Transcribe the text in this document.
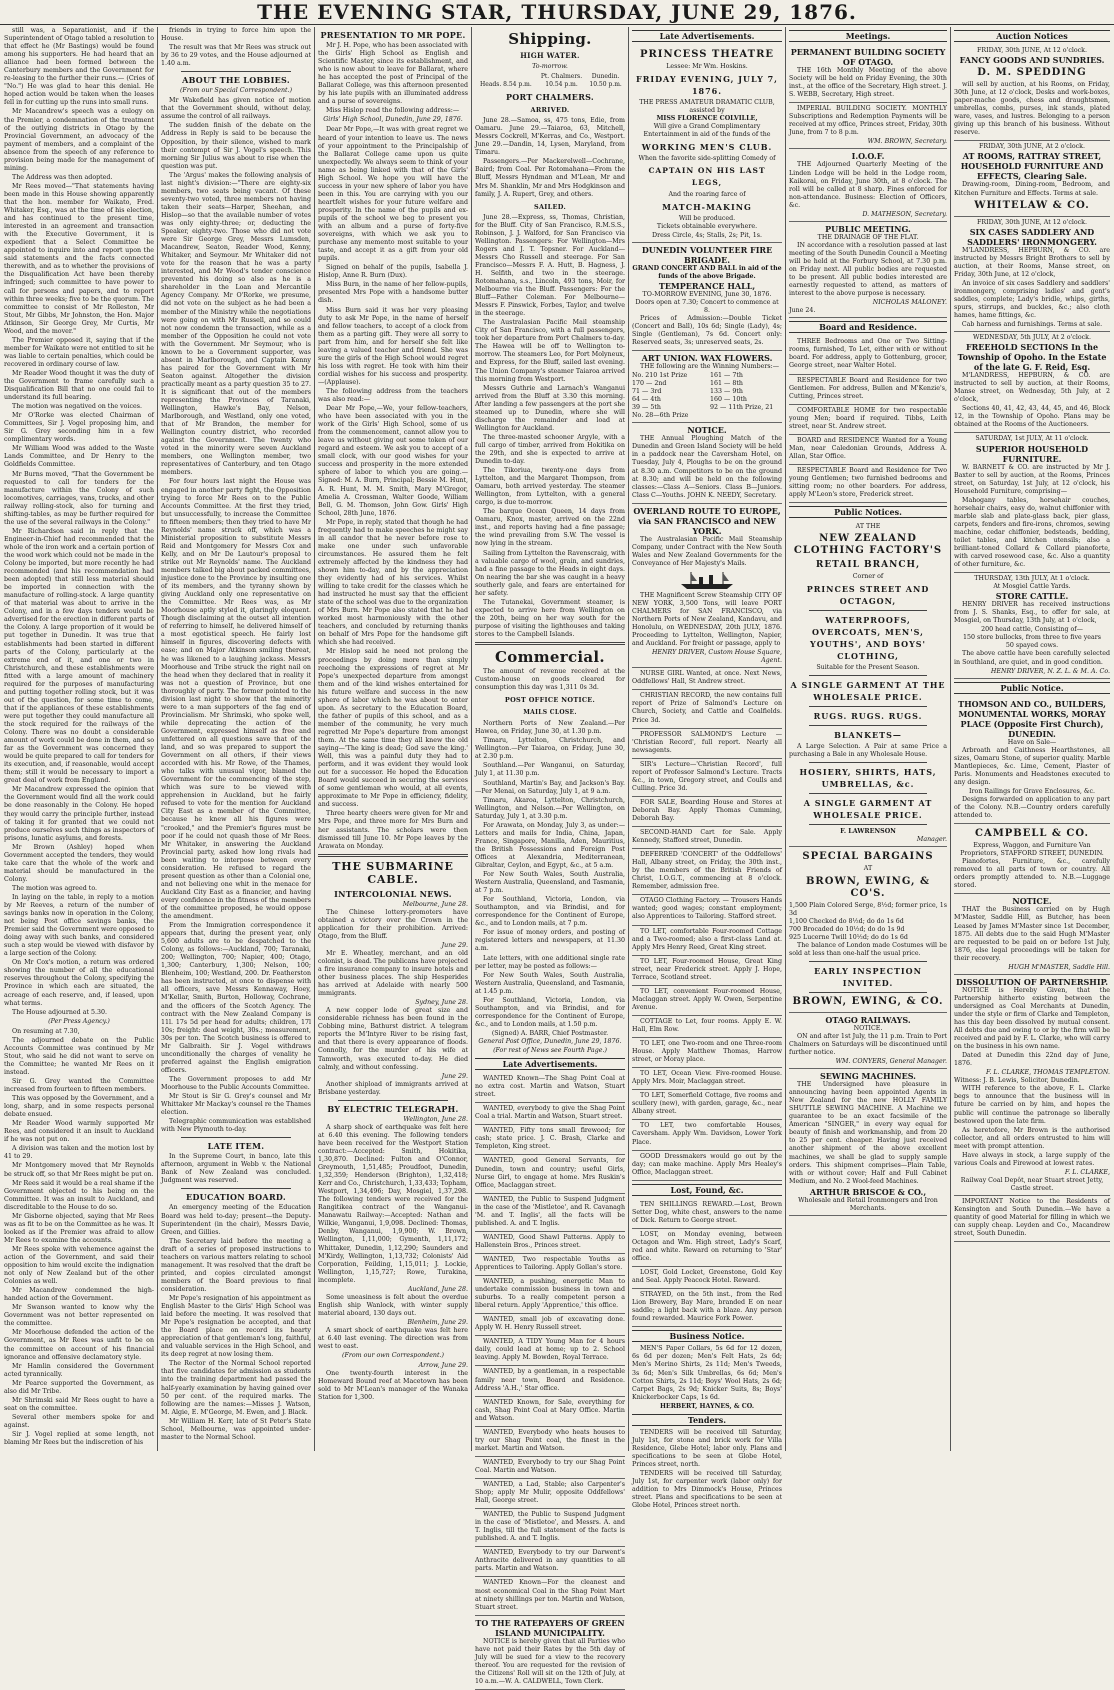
THE EVENING STAR, THURSDAY, JUNE 29, 1876.

still was, a Separationist, and if the Superintendent of Otago tabled a resolution to that effect he (Mr Bastings) would be found among his supporters. He had heard that an alliance had been formed between the Canterbury members and the Government for re-leasing to the further their runs.— (Cries of "No.") He was glad to hear this denial. He hoped action would be taken when the leases fell in for cutting up the runs into small runs.

Mr Macandrew's speech was a eulogy on the Premier, a condemnation of the treatment of the outlying districts in Otago by the Provincial Government, an advocacy of the payment of members, and a complaint of the absence from the speech of any reference to provision being made for the management of mining.

The Address was then adopted.

Mr Rees moved—"That statements having been made in this House showing apparently that the hon. member for Waikato, Fred. Whitaker, Esq., was at the time of his election, and has continued to the present time, interested in an agreement and transaction with the Executive Government, it is expedient that a Select Committee be appointed to inquire into and report upon the said statements and the facts connected therewith, and as to whether the provisions of the Disqualification Act have been thereby infringed; such committee to have power to call for persons and papers, and to report within three weeks; five to be the quorum. The committee to consist of Mr Rolleston, Mr Stout, Mr Gibbs, Mr Johnston, the Hon. Major Atkinson, Sir George Grey, Mr Curtis, Mr Wood, and the mover."

The Premier opposed it, saying that if the member for Waikato were not entitled to sit he was liable to certain penalties, which could be recovered in ordinary course of law.

Mr Reader Wood thought it was the duty of the Government to frame carefully such a Disqualification Bill that no one could fail to understand its full bearing.

The motion was negatived on the voices.

Mr O'Rorke was elected Chairman of Committees, Sir J. Vogel proposing him, and Sir G. Grey seconding him in a few complimentary words.

Mr William Wood was added to the Waste Lands Committee, and Dr Henry to the Goldfields Committee.

Mr Burns moved, "That the Government be requested to call for tenders for the manufacture within the Colony of such locomotives, carriages, vans, trucks, and other railway rolling-stock, also for turning and shifting-tables, as may be further required for the use of the several railways in the Colony."

Mr Richardson said in reply that the Engineer-in-Chief had recommended that the whole of the iron work and a certain portion of the wood work which could not be made in the Colony be imported, but more recently he had recommended (and his recommendation had been adopted) that still less material should be imported in connection with the manufacture of rolling-stock. A large quantity of that material was about to arrive in the Colony, and in a few days tenders would be advertised for the erection in different parts of the Colony. A large proportion of it would be put together in Dunedin. It was true that establishments had been started in different parts of the Colony, particularly at the extreme end of it, and one or two in Christchurch, and these establishments were fitted with a large amount of machinery required for the purposes of manufacturing and putting together rolling stock, but it was out of the question, for some time to come, that if the appliances of these establishments were put together they could manufacture all the stock required for the railways of the Colony. There was no doubt a considerable amount of work could be done in them, and so far as the Government was concerned they would be quite prepared to call for tenders for its execution, and, if reasonable, would accept them; still it would be necessary to import a great deal of work from England.

Mr Macandrew expressed the opinion that the Government would find all the work could be done reasonably in the Colony. He hoped they would carry the principle further, instead of taking it for granted that we could not produce ourselves such things as inspectors of prisons, lunatic asylums, and forests.

Mr Brown (Ashley) hoped when Government accepted the tenders, they would take care that the whole of the work and material should be manufactured in the Colony.

The motion was agreed to.

In laying on the table, in reply to a motion by Mr Reeves, a return of the number of savings banks now in operation in the Colony, not being Post office savings banks, the Premier said the Government were opposed to doing away with such banks, and considered such a step would be viewed with disfavor by a large section of the Colony.

On Mr Cox's motion, a return was ordered showing the number of all the educational reserves throughout the Colony, specifying the Province in which each are situated, the acreage of each reserve, and, if leased, upon what terms.

The House adjourned at 5.30.

(Per Press Agency.)

On resuming at 7.30,

The adjourned debate on the Public Accounts Committee was continued by Mr Stout, who said he did not want to serve on the Committee; he wanted Mr Rees on it instead.

Sir G. Grey wanted the Committee increased from fourteen to fifteen members.

This was opposed by the Government, and a long, sharp, and in some respects personal debate ensued.

Mr Reader Wood warmly supported Mr Rees, and considered it an insult to Auckland if he was not put on.

A division was taken and the motion lost by 41 to 29.

Mr Montgomery moved that Mr Reynolds be struck off, so that Mr Rees might be put on.

Mr Rees said it would be a real shame if the Government objected to his being on the Committee. It was an insult to Auckland, and discreditable to the House to do so.

Mr Gisborne objected, saying that Mr Rees was as fit to be on the Committee as he was. It looked as if the Premier was afraid to allow Mr Rees to examine the accounts.

Mr Rees spoke with vehemence against the action of the Government, and said their opposition to him would excite the indignation not only of New Zealand but of the other Colonies as well.

Mr Macandrew condemned the high-handed action of the Government.

Mr Swanson wanted to know why the Government was not better represented on the committee.

Mr Moorhouse defended the action of the Government, as Mr Rees was unfit to be on the committee on account of his financial ignorance and offensive declamatory style.

Mr Hamlin considered the Government acted tyrannically.

Mr Pearce supported the Government, as also did Mr Tribe.

Mr Shrimski said Mr Rees ought to have a seat on the committee.

Several other members spoke for and against.

Sir J. Vogel replied at some length, not blaming Mr Rees but the indiscretion of his

friends in trying to force him upon the House.

The result was that Mr Rees was struck out by 36 to 29 votes, and the House adjourned at 1.40 a.m.

ABOUT THE LOBBIES.
(From our Special Correspondent.)

Mr Wakefield has given notice of motion that the Government should, without delay, assume the control of all railways.

The sudden finish of the debate on the Address in Reply is said to be because the Opposition, by their silence, wished to mark their contempt of Sir J. Vogel's speech. This morning Sir Julius was about to rise when the question was put.

The 'Argus' makes the following analysis of last night's division:—"There are eighty-six members, two seats being vacant. Of these seventy-two voted, three members not having taken their seats—Harper, Sheehan, and Hislop—so that the available number of votes was only eighty-three; or, deducting the Speaker, eighty-two. Those who did not vote were Sir George Grey, Messrs Lumsden, Macandrew, Seaton, Reader Wood, Kenny, Whitaker, and Seymour. Mr Whitaker did not vote for the reason that he was a party interested, and Mr Wood's tender conscience prevented his doing so also as he is a shareholder in the Loan and Mercantile Agency Company. Mr O'Rorke, we presume, did not vote on the subject as he had been a member of the Ministry while the negotiations were going on with Mr Russell, and so could not now condemn the transaction, while as a member of the Opposition he could not vote with the Government. Mr Seymour, who is known to be a Government supporter, was absent in Marlborough, and Captain Kenny has paired for the Government with Mr Seaton against. Altogether the division practically meant as a party question 35 to 27. It is significant that out of the members representing the Provinces of Taranaki, Wellington, Hawke's Bay, Nelson, Marlborough, and Westland, only one voted, that of Mr Brandon, the member for Wellington country district, who recorded against the Government. The twenty who voted in the minority were seven Auckland members, one Wellington member, two representatives of Canterbury, and ten Otago members.

For four hours last night the House was engaged in another party fight, the Opposition trying to force Mr Rees on to the Public Accounts Committee. At the first they tried, but unsuccessfully, to increase the Committee to fifteen members; then they tried to have Mr Reynolds' name struck off, which was a Ministerial proposition to substitute Messrs Reid and Montgomery for Messrs Cox and Kelly, and on Mr De Lautour's proposal to strike out Mr Reynolds' name. The Auckland members talked big about packed committees, injustice done to the Province by insulting one of its members, and the tyranny shown by giving Auckland only one representative on the Committee. Mr Rees was, as Mr Moorhouse aptly styled it, glaringly eloquent. Though disclaiming at the outset all intention of referring to himself, he delivered himself of a most egotistical speech. He fairly lost himself in figures, discovering defects with ease; and on Major Atkinson smiling thereat, he was likened to a laughing jackass. Messrs Moorhouse and Tribe struck the right nail on the head when they declared that in reality it was not a question of Province, but one thoroughly of party. The former pointed to the division last night to show that the minority were to a man supporters of the fag end of Provincialism. Mr Shrimski, who spoke well, while deprecating the action of the Government, expressed himself as free and unfettered on all questions save that of the land, and so was prepared to support the Government on all others, if their views accorded with his. Mr Rowe, of the Thames, who talks with unusual vigor, blamed the Government for the commencing of the step, which was sure to be viewed with apprehension in Auckland, but he fairly refused to vote for the mention for Auckland City East as a member of the Committee, because he knew all his figures were "crooked," and the Premier's figures must be poor if he could not quash those of Mr Rees. Mr Whitaker, in answering the Auckland Provincial party, asked how long rivals had been waiting to interpose between every consideration. He refused to regard the present question as other than a Colonial one, and not believing one whit in the menace for Auckland City East as a financier, and having every confidence in the fitness of the members of the committee proposed, he would oppose the amendment.

From the Immigration correspondence it appears that, during the present year, only 5,600 adults are to be despatched to the Colony, as follows:—Auckland, 700; Taranaki, 200; Wellington, 700; Napier, 400; Otago, 1,300; Canterbury, 1,300; Nelson, 100; Blenheim, 100; Westland, 200. Dr. Featherston has been instructed, at once to dispense with all officers, save Messrs Kennaway, Hoey, M'Kellar, Smith, Burton, Holloway, Cochrane, and the officers of the Scotch Agency. The contract with the New Zealand Company is 11l. 17s 5d per head for adults; children, 17l 10s; freight: dead weight, 30s.; measurement, 30s per ton. The Scotch business is offered to Mr Galbraith. Sir J. Vogel withdraws unconditionally the charges of venality he preferred against the English emigration officers.

The Government proposes to add Mr Moorhouse to the Public Accounts Committee.

Mr Stout is Sir G. Grey's counsel and Mr Whittaker Mr Mackay's counsel re the Thames election.

Telegraphic communication was established with New Plymouth to-day.

LATE ITEM.

In the Supreme Court, in banco, late this afternoon, argument in Webb v. the National Bank of New Zealand was concluded. Judgment was reserved.

EDUCATION BOARD.

An emergency meeting of the Education Board was held to-day; present—the Deputy-Superintendent (in the chair), Messrs Davie, Green, and Gillies.

The Secretary laid before the meeting a draft of a series of proposed instructions to teachers on various matters relating to school management. It was resolved that the draft be printed, and copies circulated amongst members of the Board previous to final consideration.

Mr Pope's resignation of his appointment as English Master to the Girls' High School was laid before the meeting. It was resolved that Mr Pope's resignation be accepted, and that the Board place on record its hearty appreciation of that gentleman's long, faithful, and valuable services in the High School, and its deep regret at now losing them.

The Rector of the Normal School reported that five candidates for admission as students into the training department had passed the half-yearly examination by having gained over 50 per cent. of the required marks. The following are the names:—Misses J. Watson, M. Algie, E. M'George, M. Ewen, and J. Black.

Mr William H. Kerr, late of St Peter's State School, Melbourne, was appointed under-master to the Normal School.

PRESENTATION TO MR POPE.

Mr J. H. Pope, who has been associated with the Girls' High School as English and Scientific Master, since its establishment, and who is now about to leave for Ballarat, where he has accepted the post of Principal of the Ballarat College, was this afternoon presented by his late pupils with an illuminated address and a purse of sovereigns.

Miss Hislop read the following address:—

Girls' High School, Dunedin, June 29, 1876.

Dear Mr Pope,—It was with great regret we heard of your intention to leave us. The news of your appointment to the Principalship of the Ballarat College came upon us quite unexpectedly. We always seem to think of your name as being linked with that of the Girls' High School. We hope you will have the success in your new sphere of labor you have been in this. You are carrying with you our heartfelt wishes for your future welfare and prosperity. In the name of the pupils and ex-pupils of the school we beg to present you with an album and a purse of forty-five sovereigns, with which we ask you to purchase any memento most suitable to your taste, and accept it as a gift from your old pupils.

Signed on behalf of the pupils, Isabella J. Hislop, Anne R. Burn (Dux).

Miss Burn, in the name of her fellow-pupils, presented Mrs Pope with a handsome butter dish.

Miss Burn said it was her very pleasing duty to ask Mr Pope, in the name of herself and fellow teachers, to accept of a clock from them as a parting gift. They were all sorry to part from him, and for herself she felt like leaving a valued teacher and friend. She was sure the girls of the High School would regret his loss with regret. He took with him their cordial wishes for his success and prosperity.—(Applause).

The following address from the teachers was also read:—

Dear Mr Pope,—We, your fellow-teachers, who have been associated with you in the work of the Girls' High School, some of us from the commencement, cannot allow you to leave us without giving out some token of our regard and esteem. We ask you to accept of a small clock, with our good wishes for your success and prosperity in the more extended sphere of labor to which you are going.—Signed: M. A. Burn, Principal; Bessie M. Hunt, A. R. Hunt, M. M. Smith, Mary M'Gregor, Amelia A. Crossman, Walter Goode, William Bell, G. M. Thomson, John Gow. Girls' High School, 28th June, 1876.

Mr Pope, in reply, stated that though he had frequently had to make speeches he might say in all candor that he never before rose to make one under such unfavorable circumstances. He assured them he felt extremely affected by the kindness they had shown him to-day, and by the appreciation they evidently had of his services. Whilst willing to take credit for the classes which he had instructed he must say that the efficient state of the school was due to the organization of Mrs Burn. Mr Pope also stated that he had worked most harmoniously with the other teachers, and concluded by returning thanks on behalf of Mrs Pope for the handsome gift which she had received.

Mr Hislop said he need not prolong the proceedings by doing more than simply reechoing the expressions of regret at Mr Pope's unexpected departure from amongst them and of the kind wishes entertained for his future welfare and success in the new sphere of labor which he was about to enter upon. As secretary to the Education Board, the father of pupils of this school, and as a member of the community, he very much regretted Mr Pope's departure from amongst them. At the same time they all knew the old saying—'The king is dead; God save the king.' Well, this was a painful duty they had to perform, and it was evident they would look out for a successor. He hoped the Education Board would succeed in securing the services of some gentleman who would, at all events, approximate to Mr Pope in efficiency, fidelity, and success.

Three hearty cheers were given for Mr and Mrs Pope, and three more for Mrs Burn and her assistants. The scholars were then dismissed till June 10. Mr Pope leaves by the Arawata on Monday.

THE SUBMARINE CABLE.
INTERCOLONIAL NEWS.
Melbourne, June 28.

The Chinese lottery-promoters have obtained a victory over the Crown in the application for their prohibition. Arrived: Otago, from the Bluff.

June 29.

Mr E. Wheatley, merchant, and an old colonist, is dead. The publicans have projected a fire insurance company to insure hotels and other business places. The ship Hesperides has arrived at Adelaide with nearly 500 immigrants.

Sydney, June 28.

A new copper lode of great size and considerable richness has been found in the Cobbing mine, Bathurst district. A telegram reports the M'Intyre River to be rising fast, and that there is every appearance of floods. Connolly, for the murder of his wife at Tamworth, was executed to-day. He died calmly, and without confessing.

June 29.

Another shipload of immigrants arrived at Brisbane yesterday.

BY ELECTRIC TELEGRAPH.
Wellington, June 28.

A sharp shock of earthquake was felt here at 6.40 this evening. The following tenders have been received for the Westport Station contract:—Accepted: Smith, Hokitika, 1,30,870. Declined: Fulton and O'Connor, Greymouth, 1,51,485; Proudfoot, Dunedin, 1,32,359; Henderson (Brighton), 1,32,418; Kerr and Co., Christchurch, 1,33,433; Topham, Westport, 1,34,496; Day, Mosgiel, 1,37,298. The following tenders were received for the Rangitikea contract of the Wanganui-Manawatu Railway:—Accepted: Nathan and Wilkie, Wanganui, 1,9,098. Declined: Thomas, Denby, Wanganui, 1,9,900; W. Brown, Wellington, 1,11,000; Gymenth, 1,11,172; Whittaker, Dunedin, 1,12,290; Saunders and M'Kirdy, Wellington, 1,13,732; Colonists' Aid Corporation, Feilding, 1,15,011; J. Lockie, Wellington, 1,15,727; Rowe, Turakina, incomplete.

Auckland, June 28.

Some uneasiness is felt about the overdue English ship Wanlock, with winter supply material aboard, 130 days out.

Blenheim, June 29.

A smart shock of earthquake was felt here at 6.40 last evening. The direction was from west to east.

(From our own Correspondent.)
Arrow, June 29.

One twenty-fourth interest in the Homeward Bound reef at Macetown has been sold to Mr M'Lean's manager of the Wanaka Station for 1,300.

Shipping.
HIGH WATER.
To-morrow.
	Pt. Chalmers.	Dunedin.
Heads. 8.54 p.m.	10.54 p.m.	10.50 p.m.
PORT CHALMERS.
ARRIVED.

June 28.—Samoa, ss, 475 tons, Edie, from Oamaru. June 29.—Taiaroa, 63, Mitchell, Messrs Cockrell, M'Kerras, and Co., Westport. June 29.—Dandin, 14, Lysen, Maryland, from Timaru.

Passengers.—Per Mackerelwell—Cochrane, Baird; from Coal. Per Rotomahana—From the Bluff, Messrs Hyndman and M'Lean, Mr and Mrs M. Shanklin, Mr and Mrs Hodgkinson and family, J. A. Rupert, Grey, and others.

SAILED.

June 28.—Express, ss, Thomas, Christian, for the Bluff. City of San Francisco, R.M.S.S., Robinson, J. J. Walford, for San Francisco via Wellington. Passengers: For Wellington—Mrs Rogers and J. T. Topsner. For Auckland—Messrs Cho Russell and steerage. For San Francisco—Messrs F. A. Hutt, B. Hagness, J. H. Selfith, and two in the steerage. Rotomahana, s.s., Lincoln, 493 tons, Moir, for Melbourne via the Bluff. Passengers: For the Bluff—Father Coleman. For Melbourne—Messrs F. Pinswick, Forbes, Taylor, and twelve in the steerage.

The Australasian Pacific Mail steamship City of San Francisco, with a full passengers, took her departure from Port Chalmers to-day. The Hawea will be off to Wellington to-morrow. The steamers Leo, for Port Molyneux, and Express, for the Bluff, sailed last evening. The Union Company's steamer Taiaroa arrived this morning from Westport.

Messrs Guthrie and Larnach's Wanganui arrived from the Bluff at 3.30 this morning. After landing a few passengers at the port she steamed up to Dunedin, where she will discharge the remainder and load at Wellington for Auckland.

The three-masted schooner Argyle, with a full cargo of timber, arrived from Hokitika on the 29th, and she is expected to arrive at Dunedin to-day.

The Tikoriua, twenty-one days from Lyttelton, and the Margaret Thompson, from Oamaru, both arrived yesterday. The steamer Wellington, from Lyttelton, with a general cargo, is due to-morrow.

The barque Ocean Queen, 14 days from Oamaru, Knox, master, arrived on the 22nd inst., and reports having had a fine passage; the wind prevailing from S.W. The vessel is now lying in the stream.

Sailing from Lyttelton the Ravenscraig, with a valuable cargo of wool, grain, and sundries, had a fine passage to the Heads in eight days. On nearing the bar she was caught in a heavy southerly gale, and fears are entertained for her safety.

The Tutanekai, Government steamer, is expected to arrive here from Wellington on the 20th, being on her way south for the purpose of visiting the lighthouses and taking stores to the Campbell Islands.

Commercial.

The amount of revenue received at the Custom-house on goods cleared for consumption this day was 1,311 0s 3d.

POST OFFICE NOTICE.
MAILS CLOSE.

Northern Ports of New Zealand.—Per Hawea, on Friday, June 30, at 1.30 p.m.

Timaru, Lyttelton, Christchurch, and Wellington.—Per Taiaroa, on Friday, June 30, at 2.30 p.m.

Southland.—Per Wanganui, on Saturday, July 1, at 11.30 p.m.

Southland, Martin's Bay, and Jackson's Bay.—Per Menai, on Saturday, July 1, at 9 a.m.

Timaru, Akaroa, Lyttelton, Christchurch, Wellington, and Nelson.—Per Wellington, on Saturday, July 1, at 3.30 p.m.

For Arawata, on Monday, July 3, as under:—Letters and mails for India, China, Japan, France, Singapore, Manilla, Aden, Mauritius, the British Possessions and Foreign Post Offices at Alexandria, Mediterranean, Gibraltar, Ceylon, and Egypt, &c., at 5 a.m.

For New South Wales, South Australia, Western Australia, Queensland, and Tasmania, at 7 p.m.

For Southland, Victoria, London, via Southampton, and via Brindisi, and for correspondence for the Continent of Europe, &c., and to London mails, at 7 p.m.

For issue of money orders, and posting of registered letters and newspapers, at 11.30 a.m.

Late letters, with one additional single rate per letter, may be posted as follows:—

For New South Wales, South Australia, Western Australia, Queensland, and Tasmania, at 1.45 p.m.

For Southland, Victoria, London, via Southampton, and via Brindisi, and for correspondence for the Continent of Europe, &c., and to London mails, at 1.50 p.m.

(Signed) A. BARR, Chief Postmaster.
General Post Office, Dunedin, June 29, 1876.
(For rest of News see Fourth Page.)
Late Advertisements.

WANTED Known—The Shag Point Coal at no extra cost. Martin and Watson, Stuart street.

WANTED, everybody to give the Shag Point Coal a trial. Martin and Watson, Stuart street.

WANTED, Fifty tons small firewood; for cash; state price. J. C. Brash, Clarke and Templeton, King street.

WANTED, good General Servants, for Dunedin, town and country; useful Girls, Nurse Girl, to engage at home. Mrs Ruskin's Office, Maclaggan street.

WANTED, the Public to Suspend Judgment in the case of the 'Mistletoe', and R. Cavanagh 'M. and T. Inglis', all the facts will be published. A. and T. Inglis.

WANTED, Good Shawl Patterns. Apply to Hallenstein Bros., Princes street.

WANTED, Two respectable Youths as Apprentices to Tailoring. Apply Gollan's store.

WANTED, a pushing, energetic Man to undertake commission business in town and suburbs. To a really competent person a liberal return. Apply 'Apprentice,' this office.

WANTED, small job of excavating done. Apply W. H. Henry Russell street.

WANTED, A TIDY Young Man for 4 hours daily, could lead at home; up to 2. School leaving. Apply M. Bowden, Royal Terrace.

WANTED, by a gentleman, in a respectable family near town, Board and Residence. Address 'A.H.,' Star office.

WANTED Known, for Sale, everything for cash, Shag Point Coal at Mary Office. Martin and Watson.

WANTED, Everybody who heats houses to try our Shag Point coal, the finest in the market. Martin and Watson.

WANTED, Everybody to try our Shag Point Coal. Martin and Watson.

WANTED, a Lad, Stable; also Carpenter's Shop; apply Mr Mulir, opposite Oddfellows' Hall, George street.

WANTED, the Public to Suspend Judgment in the case of 'Mistletoe', and Messrs. A. and T. Inglis, till the full statement of the facts is published. A. and T. Inglis.

WANTED, Everybody to try our Darwent's Anthracite delivered in any quantities to all parts. Martin and Watson.

WANTED Known—For the cleanest and most economical Coal in the Shag Point Mart at ninety shillings per ton. Martin and Watson, Stuart street.

TO THE RATEPAYERS OF GREEN ISLAND MUNICIPALITY.

NOTICE is hereby given that all Parties who have not paid their Rates by the 5th day of July will be sued for a view to the recovery thereof. You are requested for the revision of the Citizens' Roll will sit on the 12th of July, at 10 a.m.—W. A. CALDWELL, Town Clerk.

Late Advertisements.
PRINCESS THEATRE
Lessee: Mr Wm. Hoskins.
FRIDAY EVENING, JULY 7, 1876.
THE PRESS AMATEUR DRAMATIC CLUB, assisted by
MISS FLORENCE COLVILLE,
Will give a Grand Complimentary Entertainment in aid of the funds of the
WORKING MEN'S CLUB.
When the favorite side-splitting Comedy of
CAPTAIN ON HIS LAST LEGS,
And the roaring farce of
MATCH-MAKING
Will be produced.
Tickets obtainable everywhere.
Dress Circle, 4s; Stalls, 2s; Pit, 1s.
DUNEDIN VOLUNTEER FIRE BRIGADE.
GRAND CONCERT AND BALL in aid of the funds of the above Brigade.
TEMPERANCE HALL,
TO-MORROW EVENING, June 30, 1876.
Doors open at 7.30; Concert to commence at 8.

Prices of Admission:—Double Ticket (Concert and Ball), 10s 6d; Single (Lady), 4s; Single (Gentleman), 7s 6d. Concert only: Reserved seats, 3s; unreserved seats, 2s.

ART UNION. WAX FLOWERS.

THE following are the Winning Numbers:—

No. 210 1st Prize
170 — 2nd
71 — 3rd
64 — 4th
39 — 5th
No. 28—6th Prize
161 — 7th
161 — 8th
133 — 9th
160 — 10th
92 — 11th Prize, 21
NOTICE.

THE Annual Ploughing Match of the Dunedin and Green Island Society will be held in a paddock near the Caversham Hotel, on Tuesday, July 4, Ploughs to be on the ground at 8.30 a.m. Competitors to be on the ground at 8.30; and will be held on the following classes:—Class A—Seniors. Class B—Juniors. Class C—Youths. JOHN K. NEEDY, Secretary.

OVERLAND ROUTE TO EUROPE, via SAN FRANCISCO and NEW YORK.

The Australasian Pacific Mail Steamship Company, under Contract with the New South Wales and New Zealand Governments for the Conveyance of Her Majesty's Mails.

THE Magnificent Screw Steamship CITY OF NEW YORK, 3,500 Tons, will leave PORT CHALMERS for SAN FRANCISCO, via Northern Ports of New Zealand, Kandavu, and Honolulu, on WEDNESDAY, 20th JULY, 1876. Proceeding to Lyttelton, Wellington, Napier, and Auckland. For freight or passage, apply to

HENRY DRIVER, Custom House Square, Agent.

NURSE GIRL Wanted, at once. Next News, Oddfellows' Hall, St Andrew street.

CHRISTIAN RECORD, the new contains full report of Prize of Salmond's Lecture on Church, Society, and Cattle and Coalfields. Price 3d.

PROFESSOR SALMOND'S Lecture — 'Christian Record', full report. Nearly all newsagents.

SIR's Lecture—'Christian Record', full report of Professor Salmond's Lecture. Tracts &c., in town, Gregory street, and Coulls and Culling. Price 3d.

FOR SALE, Boarding House and Stores at Deborah Bay. Apply Thomas Cumming, Deborah Bay.

SECOND-HAND Cart for Sale. Apply Kennedy, Stafford street, Dunedin.

DEFERRED 'CONCERT' of the Oddfellows' Hall, Albany street, on Friday, the 30th inst., by the members of the British Friends of Christ, I.O.G.T., commencing at 8 o'clock. Remember, admission free.

OTAGO Clothing Factory. — Trousers Hands wanted; good wages; constant employment; also Apprentices to Tailoring. Stafford street.

TO LET, comfortable Four-roomed Cottage and a Two-roomed; also a first-class Land at. Apply Mrs Henry Reed, Great King street.

TO LET, Four-roomed House, Great King street, near Frederick street. Apply J. Hope, Terrace, Scotland street.

TO LET, convenient Four-roomed House, Maclaggan street. Apply W. Owen, Serpentine Avenue.

COTTAGE to Let, four rooms. Apply E. W. Hall, Elm Row.

TO LET, one Two-room and one Three-room House. Apply Matthew Thomas, Harrow street, or Moray place.

TO LET, Ocean View. Five-roomed House. Apply Mrs. Moir, Maclaggan street.

TO LET, Somerfield Cottage, five rooms and scullery (new), with garden, garage, &c., near Albany street.

TO LET, two comfortable Houses, Caversham. Apply Wm. Davidson, Lower York Place.

GOOD Dressmakers would go out by the day; can make machine. Apply Mrs Healey's Office, Maclaggan street.

Lost, Found, &c.

TEN SHILLINGS REWARD.—Lost, Brown Setter Dog, white chest, answers to the name of Dick. Return to George street.

LOST, on Monday evening, between Octagon and Wm. High street, Lady's Scarf, red and white. Reward on returning to 'Star' office.

LOST, Gold Locket, Greenstone, Gold Key and Seal. Apply Peacock Hotel. Reward.

STRAYED, on the 5th inst., from the Red Lion Brewery, Bay Mare, branded E on near saddle; a light back with a blaze. Any person found rewarded. Maurice Fork Power.

Business Notice.

MEN'S Paper Collars, 5s 6d for 12 dozen, 6s 6d per dozen; Men's Felt Hats, 2s 6d; Men's Merino Shirts, 2s 11d; Men's Tweeds, 3s 6d; Men's Silk Umbrellas, 6s 6d; Men's Cotton Shirts, 2s 11d; Boys' Wool Hats, 2s 6d; Carpet Bags, 2s 9d; Knicker Suits, 8s; Boys' Knickerbocker Caps, 1s 6d.

HERBERT, HAYNES, & CO.
Tenders.

TENDERS will be received till Saturday, July 1st, for stone and brick work for Villa Residence, Glebe Hotel; labor only. Plans and specifications to be seen at Globe Hotel, Princes street, north.

TENDERS will be received till Saturday, July 1st, for carpenter work (labor only) for addition to Mrs Dimmock's House, Princes street. Plans and specifications to be seen at Globe Hotel, Princes street north.

Meetings.
PERMANENT BUILDING SOCIETY OF OTAGO.

THE 16th Monthly Meeting of the above Society will be held on Friday Evening, the 30th inst., at the office of the Secretary, High street. J. S. WEBB, Secretary, High street.

IMPERIAL BUILDING SOCIETY. MONTHLY Subscriptions and Redemption Payments will be received at my office, Princes street, Friday, 30th June, from 7 to 8 p.m.

WM. BROWN, Secretary.
I.O.O.F.

THE Adjourned Quarterly Meeting of the Linden Lodge will be held in the Lodge room, Kaikorai, on Friday, June 30th, at 8 o'clock. The roll will be called at 8 sharp. Fines enforced for non-attendance. Business: Election of Officers, &c.

D. MATHESON, Secretary.
PUBLIC MEETING.
THE DRAINAGE OF THE FLAT.

IN accordance with a resolution passed at last meeting of the South Dunedin Council a Meeting will be held at the Forbury School, at 7.30 p.m. on Friday next. All public bodies are requested to be present. All public bodies interested are earnestly requested to attend, as matters of interest to the above purpose is necessary.

NICHOLAS MALONEY.
June 24.
Board and Residence.

THREE Bedrooms and One or Two Sitting-rooms, furnished, To Let, either with or without board. For address, apply to Gottenburg, grocer, George street, near Walter Hotel.

RESPECTABLE Board and Residence for two Gentlemen. For address, Bullen and M'Kenzie's, Cutting, Princes street.

COMFORTABLE HOME for two respectable young Men; board if required. Tibbs, Leith street, near St. Andrew street.

BOARD and RESIDENCE Wanted for a Young Man, near Caledonian Grounds, Address A. Allan, Star Office.

RESPECTABLE Board and Residence for Two young Gentlemen; two furnished bedrooms and sitting room; no other boarders. For address, apply M'Leon's store, Frederick street.

Public Notices.
AT THE
NEW ZEALAND CLOTHING FACTORY'S
RETAIL BRANCH,
Corner of
PRINCES STREET AND OCTAGON,
WATERPROOFS, OVERCOATS, MEN'S, YOUTHS', AND BOYS' CLOTHING,
Suitable for the Present Season.
A SINGLE GARMENT AT THE WHOLESALE PRICE.
RUGS. RUGS. RUGS.
BLANKETS—

A Large Selection. A Pair at same Price a purchasing a Bale in any Wholesale House.

HOSIERY, SHIRTS, HATS, UMBRELLAS, &c.
A SINGLE GARMENT AT WHOLESALE PRICE.
F. LAWRENSON
Manager.
SPECIAL BARGAINS
AT
BROWN, EWING, & CO'S.
1,500 Plain Colored Serge, 8½d; former price, 1s 3d
1,100 Checked do 8½d; do do 1s 6d
700 Brocaded do 10½d; do do 1s 9d
925 Lucerne Twill 10½d; do do 1s 6d

The balance of London made Costumes will be sold at less than one-half the usual price.

EARLY INSPECTION INVITED.
BROWN, EWING, & CO.
OTAGO RAILWAYS.
NOTICE.

ON and after 1st July, the 11 p.m. Train to Port Chalmers on Saturdays will be discontinued until further notice.

WM. CONYERS, General Manager.
SEWING MACHINES.

THE Undersigned have pleasure in announcing having been appointed Agents in New Zealand for the new HOLLY FAMILY SHUTTLE SEWING MACHINE. A Machine we guarantee to be an exact facsimile of the American "SINGER," in every way equal for beauty of finish and workmanship, and from 20 to 25 per cent. cheaper. Having just received another shipment of the above excellent machines, we shall be glad to supply sample orders. This shipment comprises—Plain Table, with or without cover; Half and Full Cabinet Medium, and No. 2 Wool-feed Machines.

ARTHUR BRISCOE & CO.,
Wholesale and Retail Ironmongers and Iron Merchants.
Auction Notices
FRIDAY, 30th JUNE, At 12 o'clock.
FANCY GOODS AND SUNDRIES.
D. M. SPEDDING

will sell by auction, at his Rooms, on Friday, 30th June, at 12 o'clock, Desks and work-boxes, paper-mache goods, chess and draughtsmen, umbrellas, combs, purses, ink stands, plated ware, vases, and lustres. Belonging to a person giving up this branch of his business. Without reserve.

FRIDAY, 30th JUNE, At 2 o'clock.
AT ROOMS, RATTRAY STREET,
HOUSEHOLD FURNITURE AND EFFECTS, Clearing Sale.

Drawing-room, Dining-room, Bedroom, and Kitchen Furniture and Effects. Terms at sale.

WHITELAW & CO.
FRIDAY, 30th JUNE, At 12 o'clock.
SIX CASES SADDLERY AND SADDLERS' IRONMONGERY.

M'LANDRESS, HEPBURN, & CO. are instructed by Messrs Bright Brothers to sell by auction, at their Rooms, Manse street, on Friday, 30th June, at 12 o'clock,

An invoice of six cases Saddlery and saddlers' ironmongery, comprising ladies' and gent's saddles, complete; Lady's bridle, whips, girths, spurs, stirrups, and buckles, &c.; also cloth hames, hame fittings, &c.

Cab harness and furnishings. Terms at sale.
WEDNESDAY, 5th JULY, At 2 o'clock.
FREEHOLD SECTIONS In the Township of Opoho. In the Estate of the late G. F. Reid, Esq.

M'LANDRESS, HEPBURN, & CO. are instructed to sell by auction, at their Rooms, Manse street, on Wednesday, 5th July, at 2 o'clock,

Sections 40, 41, 42, 43, 44, 45, and 46, Block 12, in the Township of Opoho. Plans may be obtained at the Rooms of the Auctioneers.

SATURDAY, 1st JULY, At 11 o'clock.
SUPERIOR HOUSEHOLD FURNITURE.

W. BARNETT & CO. are instructed by Mr J. Baxter to sell by auction, at the Rooms, Princes street, on Saturday, 1st July, at 12 o'clock, his Household Furniture, comprising—

Mahogany tables, horsehair couches, horsehair chairs, easy do, walnut chiffonier with marble slab and plate-glass back, pier glass, carpets, fenders and fire-irons, chromos, sewing machine, cedar chiffonier, bedsteads, bedding, toilet tables, and kitchen utensils; also a brilliant-toned Collard & Collard pianoforte, with carved rosewood case, &c. Also a quantity of other furniture, &c.

THURSDAY, 13th JULY, At 1 o'clock.
At Mosgiel Cattle Yards.
STORE CATTLE.

HENRY DRIVER has received instructions from J. S. Shanks, Esq., to offer for sale, at Mosgiel, on Thursday, 13th July, at 1 o'clock,

200 head cattle, Consisting of—
150 store bullocks, from three to five years
50 spayed cows.

The above cattle have been carefully selected in Southland, are quiet, and in good condition.

HENRY DRIVER, N. Z. L. & M. A. Co.
Public Notice.
THOMSON AND CO., BUILDERS, MONUMENTAL WORKS, MORAY PLACE (Opposite First Church), DUNEDIN.
Have on Sale—

Arbroath and Caithness Hearthstones, all sizes, Oamaru Stone, of superior quality. Marble Mantlepieces, &c. Lime, Cement, Plaster of Paris. Monuments and Headstones executed to any design.

Iron Railings for Grave Enclosures, &c.

Designs forwarded on application to any part of the Colony. N.B.—Country orders carefully attended to.

CAMPBELL & CO.
Express, Waggon, and Furniture Van Proprietors, STAFFORD STREET, DUNEDIN.

Pianofortes, Furniture, &c., carefully removed to all parts of town or country. All orders promptly attended to. N.B.—Luggage stored.

NOTICE.

THAT the Business carried on by Hugh M'Master, Saddle Hill, as Butcher, has been Leased by James M'Master since 1st December, 1875. All debts due to the said Hugh M'Master are requested to be paid on or before 1st July, 1876, else legal proceedings will be taken for their recovery.

HUGH M'MASTER, Saddle Hill.
DISSOLUTION OF PARTNERSHIP.

NOTICE is Hereby Given, that the Partnership hitherto existing between the undersigned as Coal Merchants at Dunedin, under the style or firm of Clarke and Templeton, has this day been dissolved by mutual consent. All debts due and owing to or by the firm will be received and paid by F. L. Clarke, who will carry on the business in his own name.

Dated at Dunedin this 22nd day of June, 1876.

F. L. CLARKE, THOMAS TEMPLETON.
Witness: J. B. Lewis, Solicitor, Dunedin.

WITH reference to the above, F. L. Clarke begs to announce that the business will in future be carried on by him, and hopes the public will continue the patronage so liberally bestowed upon the late firm.

As heretofore, Mr Brown is the authorised collector, and all orders entrusted to him will meet with prompt attention.

Have always in stock, a large supply of the various Coals and Firewood at lowest rates.

F. L. CLARKE,
Railway Coal Depôt, near Stuart street Jetty, Castle street.

IMPORTANT Notice to the Residents of Kensington and South Dunedin.—We have a quantity of good Material for filling in which we can supply cheap. Leyden and Co., Macandrew street, South Dunedin.
